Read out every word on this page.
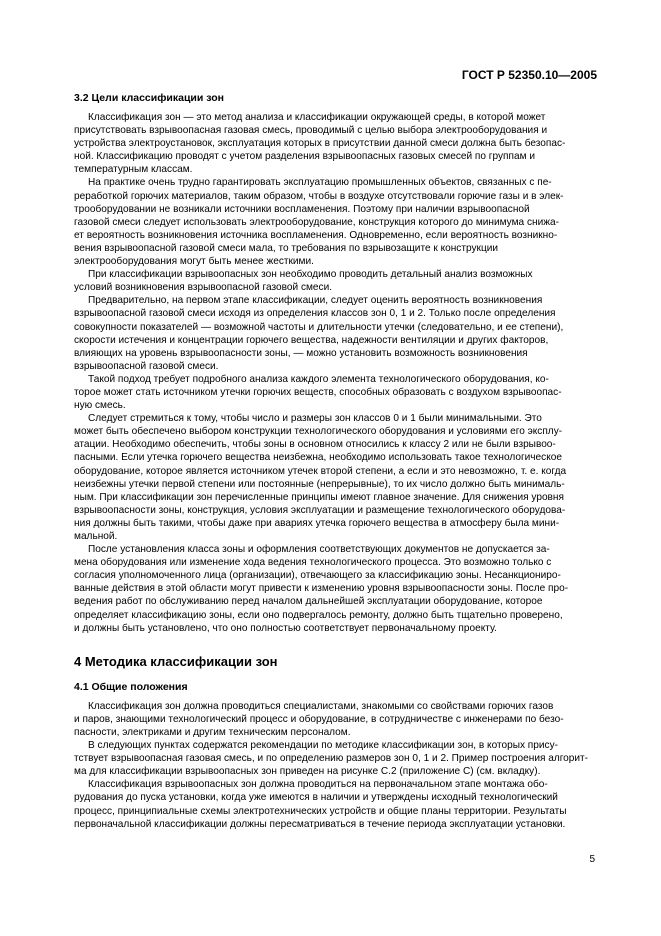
ГОСТ Р 52350.10—2005
3.2 Цели классификации зон

Классификация зон — это метод анализа и классификации окружающей среды, в которой может
присутствовать взрывоопасная газовая смесь, проводимый с целью выбора электрооборудования и
устройства электроустановок, эксплуатация которых в присутствии данной смеси должна быть безопас-
ной. Классификацию проводят с учетом разделения взрывоопасных газовых смесей по группам и
температурным классам.

На практике очень трудно гарантировать эксплуатацию промышленных объектов, связанных с пе-
реработкой горючих материалов, таким образом, чтобы в воздухе отсутствовали горючие газы и в элек-
трооборудовании не возникали источники воспламенения. Поэтому при наличии взрывоопасной
газовой смеси следует использовать электрооборудование, конструкция которого до минимума снижа-
ет вероятность возникновения источника воспламенения. Одновременно, если вероятность возникно-
вения взрывоопасной газовой смеси мала, то требования по взрывозащите к конструкции
электрооборудования могут быть менее жесткими.

При классификации взрывоопасных зон необходимо проводить детальный анализ возможных
условий возникновения взрывоопасной газовой смеси.

Предварительно, на первом этапе классификации, следует оценить вероятность возникновения
взрывоопасной газовой смеси исходя из определения классов зон 0, 1 и 2. Только после определения
совокупности показателей — возможной частоты и длительности утечки (следовательно, и ее степени),
скорости истечения и концентрации горючего вещества, надежности вентиляции и других факторов,
влияющих на уровень взрывоопасности зоны, — можно установить возможность возникновения
взрывоопасной газовой смеси.

Такой подход требует подробного анализа каждого элемента технологического оборудования, ко-
торое может стать источником утечки горючих веществ, способных образовать с воздухом взрывоопас-
ную смесь.

Следует стремиться к тому, чтобы число и размеры зон классов 0 и 1 были минимальными. Это
может быть обеспечено выбором конструкции технологического оборудования и условиями его эксплу-
атации. Необходимо обеспечить, чтобы зоны в основном относились к классу 2 или не были взрывоо-
пасными. Если утечка горючего вещества неизбежна, необходимо использовать такое технологическое
оборудование, которое является источником утечек второй степени, а если и это невозможно, т. е. когда
неизбежны утечки первой степени или постоянные (непрерывные), то их число должно быть минималь-
ным. При классификации зон перечисленные принципы имеют главное значение. Для снижения уровня
взрывоопасности зоны, конструкция, условия эксплуатации и размещение технологического оборудова-
ния должны быть такими, чтобы даже при авариях утечка горючего вещества в атмосферу была мини-
мальной.

После установления класса зоны и оформления соответствующих документов не допускается за-
мена оборудования или изменение хода ведения технологического процесса. Это возможно только с
согласия уполномоченного лица (организации), отвечающего за классификацию зоны. Несанкциониро-
ванные действия в этой области могут привести к изменению уровня взрывоопасности зоны. После про-
ведения работ по обслуживанию перед началом дальнейшей эксплуатации оборудование, которое
определяет классификацию зоны, если оно подвергалось ремонту, должно быть тщательно проверено,
и должны быть установлено, что оно полностью соответствует первоначальному проекту.

4 Методика классификации зон
4.1 Общие положения

Классификация зон должна проводиться специалистами, знакомыми со свойствами горючих газов
и паров, знающими технологический процесс и оборудование, в сотрудничестве с инженерами по безо-
пасности, электриками и другим техническим персоналом.

В следующих пунктах содержатся рекомендации по методике классификации зон, в которых прису-
тствует взрывоопасная газовая смесь, и по определению размеров зон 0, 1 и 2. Пример построения алгорит-
ма для классификации взрывоопасных зон приведен на рисунке С.2 (приложение С) (см. вкладку).

Классификация взрывоопасных зон должна проводиться на первоначальном этапе монтажа обо-
рудования до пуска установки, когда уже имеются в наличии и утверждены исходный технологический
процесс, принципиальные схемы электротехнических устройств и общие планы территории. Результаты
первоначальной классификации должны пересматриваться в течение периода эксплуатации установки.

5
